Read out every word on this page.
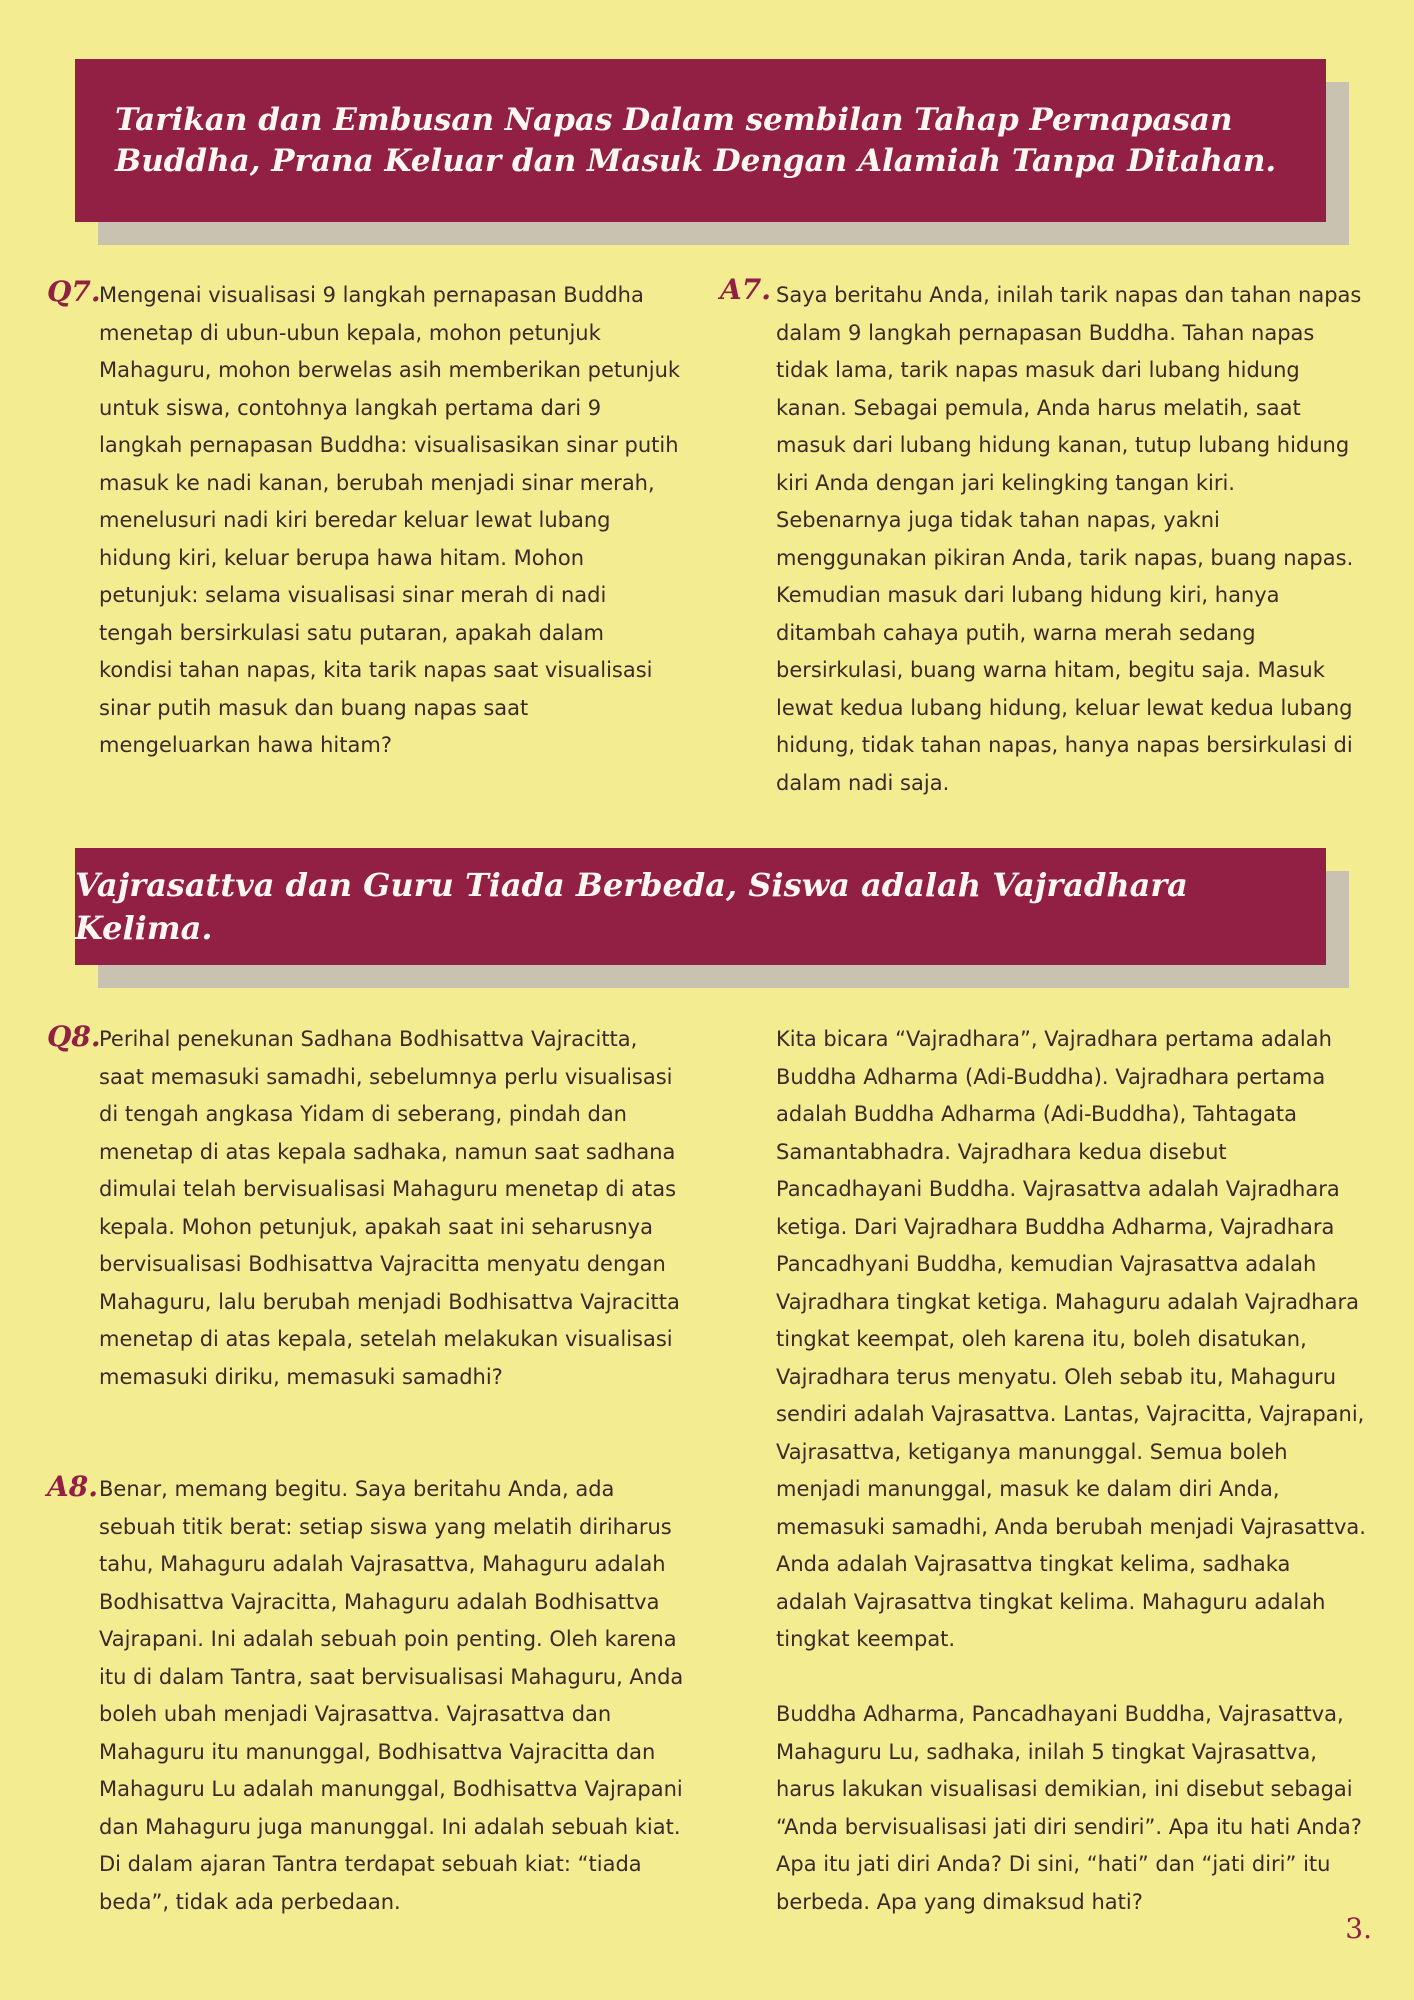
Tarikan dan Embusan Napas Dalam sembilan Tahap Pernapasan
Buddha, Prana Keluar dan Masuk Dengan Alamiah Tanpa Ditahan.
Q7.

Mengenai visualisasi 9 langkah pernapasan Buddha menetap di ubun-ubun kepala, mohon petunjuk Mahaguru, mohon berwelas asih memberikan petunjuk untuk siswa, contohnya langkah pertama dari 9 langkah pernapasan Buddha: visualisasikan sinar putih masuk ke nadi kanan, berubah menjadi sinar merah, menelusuri nadi kiri beredar keluar lewat lubang hidung kiri, keluar berupa hawa hitam. Mohon petunjuk: selama visualisasi sinar merah di nadi tengah bersirkulasi satu putaran, apakah dalam kondisi tahan napas, kita tarik napas saat visualisasi sinar putih masuk dan buang napas saat mengeluarkan hawa hitam?

A7. Saya beritahu Anda, inilah tarik napas dan tahan napas dalam 9 langkah pernapasan Buddha. Tahan napas tidak lama, tarik napas masuk dari lubang hidung kanan. Sebagai pemula, Anda harus melatih, saat masuk dari lubang hidung kanan, tutup lubang hidung kiri Anda dengan jari kelingking tangan kiri. Sebenarnya juga tidak tahan napas, yakni menggunakan pikiran Anda, tarik napas, buang napas. Kemudian masuk dari lubang hidung kiri, hanya ditambah cahaya putih, warna merah sedang bersirkulasi, buang warna hitam, begitu saja. Masuk lewat kedua lubang hidung, keluar lewat kedua lubang hidung, tidak tahan napas, hanya napas bersirkulasi di dalam nadi saja.

Vajrasattva dan Guru Tiada Berbeda, Siswa adalah Vajradhara Kelima.
Q8.

Perihal penekunan Sadhana Bodhisattva Vajracitta, saat memasuki samadhi, sebelumnya perlu visualisasi di tengah angkasa Yidam di seberang, pindah dan menetap di atas kepala sadhaka, namun saat sadhana dimulai telah bervisualisasi Mahaguru menetap di atas kepala. Mohon petunjuk, apakah saat ini seharusnya bervisualisasi Bodhisattva Vajracitta menyatu dengan Mahaguru, lalu berubah menjadi Bodhisattva Vajracitta menetap di atas kepala, setelah melakukan visualisasi memasuki diriku, memasuki samadhi?

A8. Benar, memang begitu. Saya beritahu Anda, ada sebuah titik berat: setiap siswa yang melatih diriharus tahu, Mahaguru adalah Vajrasattva, Mahaguru adalah Bodhisattva Vajracitta, Mahaguru adalah Bodhisattva Vajrapani. Ini adalah sebuah poin penting. Oleh karena itu di dalam Tantra, saat bervisualisasi Mahaguru, Anda boleh ubah menjadi Vajrasattva. Vajrasattva dan Mahaguru itu manunggal, Bodhisattva Vajracitta dan Mahaguru Lu adalah manunggal, Bodhisattva Vajrapani dan Mahaguru juga manunggal. Ini adalah sebuah kiat. Di dalam ajaran Tantra terdapat sebuah kiat: “tiada beda”, tidak ada perbedaan.

Kita bicara “Vajradhara”, Vajradhara pertama adalah Buddha Adharma (Adi-Buddha). Vajradhara pertama adalah Buddha Adharma (Adi-Buddha), Tahtagata Samantabhadra. Vajradhara kedua disebut Pancadhayani Buddha. Vajrasattva adalah Vajradhara ketiga. Dari Vajradhara Buddha Adharma, Vajradhara Pancadhyani Buddha, kemudian Vajrasattva adalah Vajradhara tingkat ketiga. Mahaguru adalah Vajradhara tingkat keempat, oleh karena itu, boleh disatukan, Vajradhara terus menyatu. Oleh sebab itu, Mahaguru sendiri adalah Vajrasattva. Lantas, Vajracitta, Vajrapani, Vajrasattva, ketiganya manunggal. Semua boleh menjadi manunggal, masuk ke dalam diri Anda, memasuki samadhi, Anda berubah menjadi Vajrasattva. Anda adalah Vajrasattva tingkat kelima, sadhaka adalah Vajrasattva tingkat kelima. Mahaguru adalah tingkat keempat.

Buddha Adharma, Pancadhayani Buddha, Vajrasattva, Mahaguru Lu, sadhaka, inilah 5 tingkat Vajrasattva, harus lakukan visualisasi demikian, ini disebut sebagai “Anda bervisualisasi jati diri sendiri”. Apa itu hati Anda? Apa itu jati diri Anda? Di sini, “hati” dan “jati diri” itu berbeda. Apa yang dimaksud hati?

3.
